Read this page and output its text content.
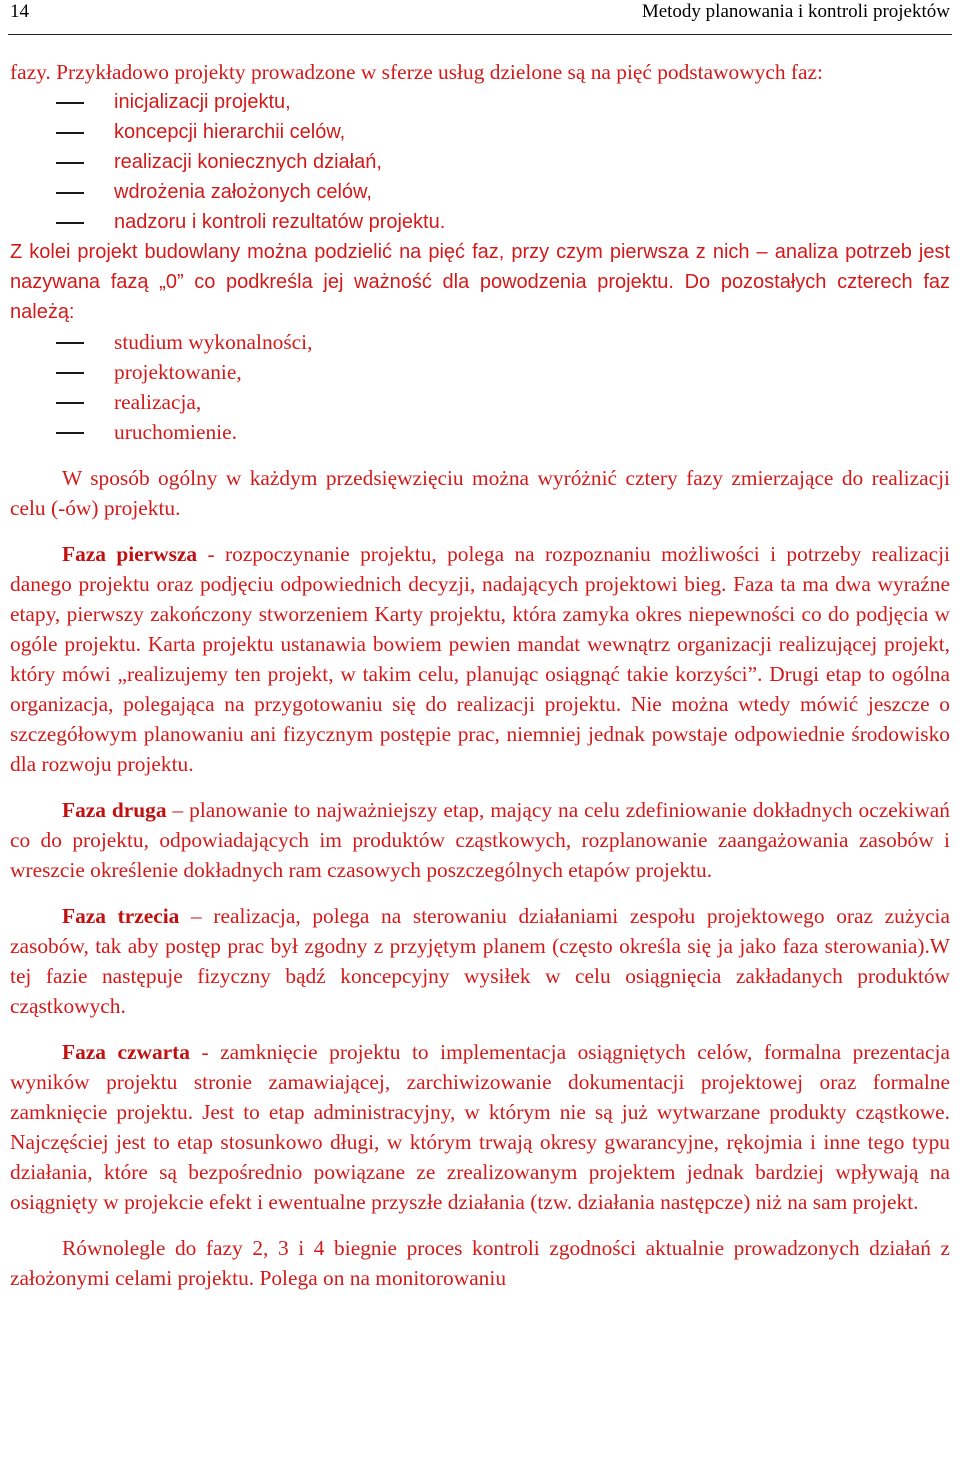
14	Metody planowania i kontroli projektów

fazy. Przykładowo projekty prowadzone w sferze usług dzielone są na pięć podstawowych faz:

inicjalizacji projektu,
koncepcji hierarchii celów,
realizacji koniecznych działań,
wdrożenia założonych celów,
nadzoru i kontroli rezultatów projektu.

Z kolei projekt budowlany można podzielić na pięć faz, przy czym pierwsza z nich – analiza potrzeb jest nazywana fazą „0” co podkreśla jej ważność dla powodzenia projektu. Do pozostałych czterech faz należą:

studium wykonalności,
projektowanie,
realizacja,
uruchomienie.

W sposób ogólny w każdym przedsięwzięciu można wyróżnić cztery fazy zmierzające do realizacji celu (-ów) projektu.

Faza pierwsza - rozpoczynanie projektu, polega na rozpoznaniu możliwości i potrzeby realizacji danego projektu oraz podjęciu odpowiednich decyzji, nadających projektowi bieg. Faza ta ma dwa wyraźne etapy, pierwszy zakończony stworzeniem Karty projektu, która zamyka okres niepewności co do podjęcia w ogóle projektu. Karta projektu ustanawia bowiem pewien mandat wewnątrz organizacji realizującej projekt, który mówi „realizujemy ten projekt, w takim celu, planując osiągnąć takie korzyści”. Drugi etap to ogólna organizacja, polegająca na przygotowaniu się do realizacji projektu. Nie można wtedy mówić jeszcze o szczegółowym planowaniu ani fizycznym postępie prac, niemniej jednak powstaje odpowiednie środowisko dla rozwoju projektu.

Faza druga – planowanie to najważniejszy etap, mający na celu zdefiniowanie dokładnych oczekiwań co do projektu, odpowiadających im produktów cząstkowych, rozplanowanie zaangażowania zasobów i wreszcie określenie dokładnych ram czasowych poszczególnych etapów projektu.

Faza trzecia – realizacja, polega na sterowaniu działaniami zespołu projektowego oraz zużycia zasobów, tak aby postęp prac był zgodny z przyjętym planem (często określa się ja jako faza sterowania).W tej fazie następuje fizyczny bądź koncepcyjny wysiłek w celu osiągnięcia zakładanych produktów cząstkowych.

Faza czwarta - zamknięcie projektu to implementacja osiągniętych celów, formalna prezentacja wyników projektu stronie zamawiającej, zarchiwizowanie dokumentacji projektowej oraz formalne zamknięcie projektu. Jest to etap administracyjny, w którym nie są już wytwarzane produkty cząstkowe. Najczęściej jest to etap stosunkowo długi, w którym trwają okresy gwarancyjne, rękojmia i inne tego typu działania, które są bezpośrednio powiązane ze zrealizowanym projektem jednak bardziej wpływają na osiągnięty w projekcie efekt i ewentualne przyszłe działania (tzw. działania następcze) niż na sam projekt.

Równolegle do fazy 2, 3 i 4 biegnie proces kontroli zgodności aktualnie prowadzonych działań z założonymi celami projektu. Polega on na monitorowaniu
